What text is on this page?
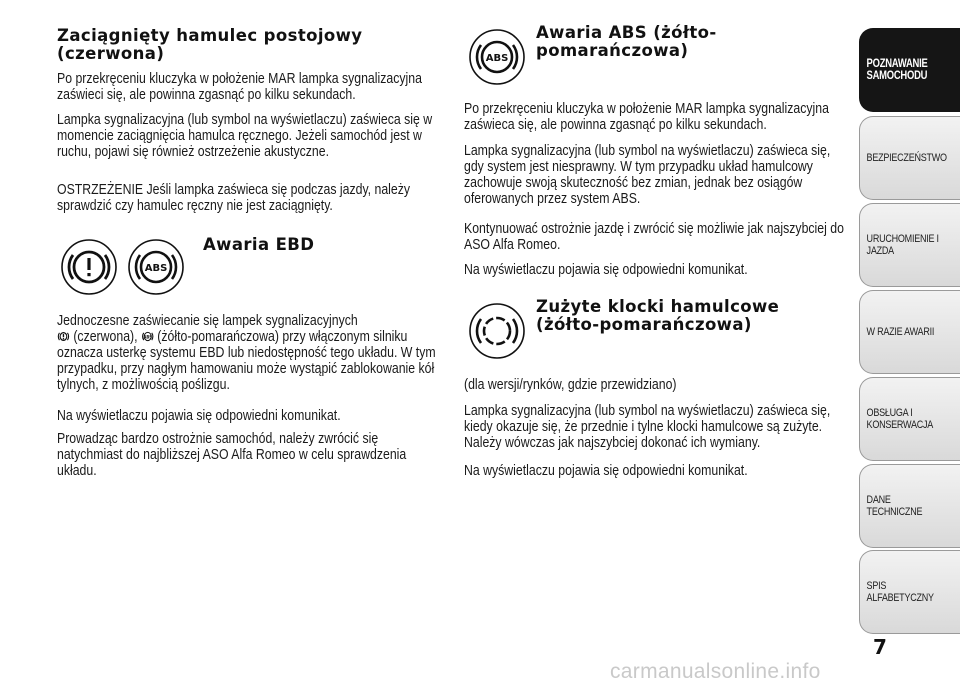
Zaciągnięty hamulec postojowy (czerwona)

Po przekręceniu kluczyka w położenie MAR lampka sygnalizacyjna zaświeci się, ale powinna zgasnąć po kilku sekundach.

Lampka sygnalizacyjna (lub symbol na wyświetlaczu) zaświeca się w momencie zaciągnięcia hamulca ręcznego. Jeżeli samochód jest w ruchu, pojawi się również ostrzeżenie akustyczne.

OSTRZEŻENIE Jeśli lampka zaświeca się podczas jazdy, należy sprawdzić czy hamulec ręczny nie jest zaciągnięty.

ABS
Awaria EBD

Jednoczesne zaświecanie się lampek sygnalizacyjnych
(czerwona), ABS (żółto-pomarańczowa) przy włączonym silniku oznacza usterkę systemu EBD lub niedostępność tego układu. W tym przypadku, przy nagłym hamowaniu może wystąpić zablokowanie kół tylnych, z możliwością poślizgu.

Na wyświetlaczu pojawia się odpowiedni komunikat.

Prowadząc bardzo ostrożnie samochód, należy zwrócić się natychmiast do najbliższej ASO Alfa Romeo w celu sprawdzenia układu.

ABS
Awaria ABS (żółto-pomarańczowa)

Po przekręceniu kluczyka w położenie MAR lampka sygnalizacyjna zaświeca się, ale powinna zgasnąć po kilku sekundach.

Lampka sygnalizacyjna (lub symbol na wyświetlaczu) zaświeca się, gdy system jest niesprawny. W tym przypadku układ hamulcowy zachowuje swoją skuteczność bez zmian, jednak bez osiągów oferowanych przez system ABS.

Kontynuować ostrożnie jazdę i zwrócić się możliwie jak najszybciej do ASO Alfa Romeo.

Na wyświetlaczu pojawia się odpowiedni komunikat.

Zużyte klocki hamulcowe (żółto-pomarańczowa)

(dla wersji/rynków, gdzie przewidziano)

Lampka sygnalizacyjna (lub symbol na wyświetlaczu) zaświeca się, kiedy okazuje się, że przednie i tylne klocki hamulcowe są zużyte. Należy wówczas jak najszybciej dokonać ich wymiany.

Na wyświetlaczu pojawia się odpowiedni komunikat.

POZNAWANIE SAMOCHODU
BEZPIECZEŃSTWO
URUCHOMIENIE I JAZDA
W RAZIE AWARII
OBSŁUGA I KONSERWACJA
DANE TECHNICZNE
SPIS ALFABETYCZNY
7
carmanualsonline.info
